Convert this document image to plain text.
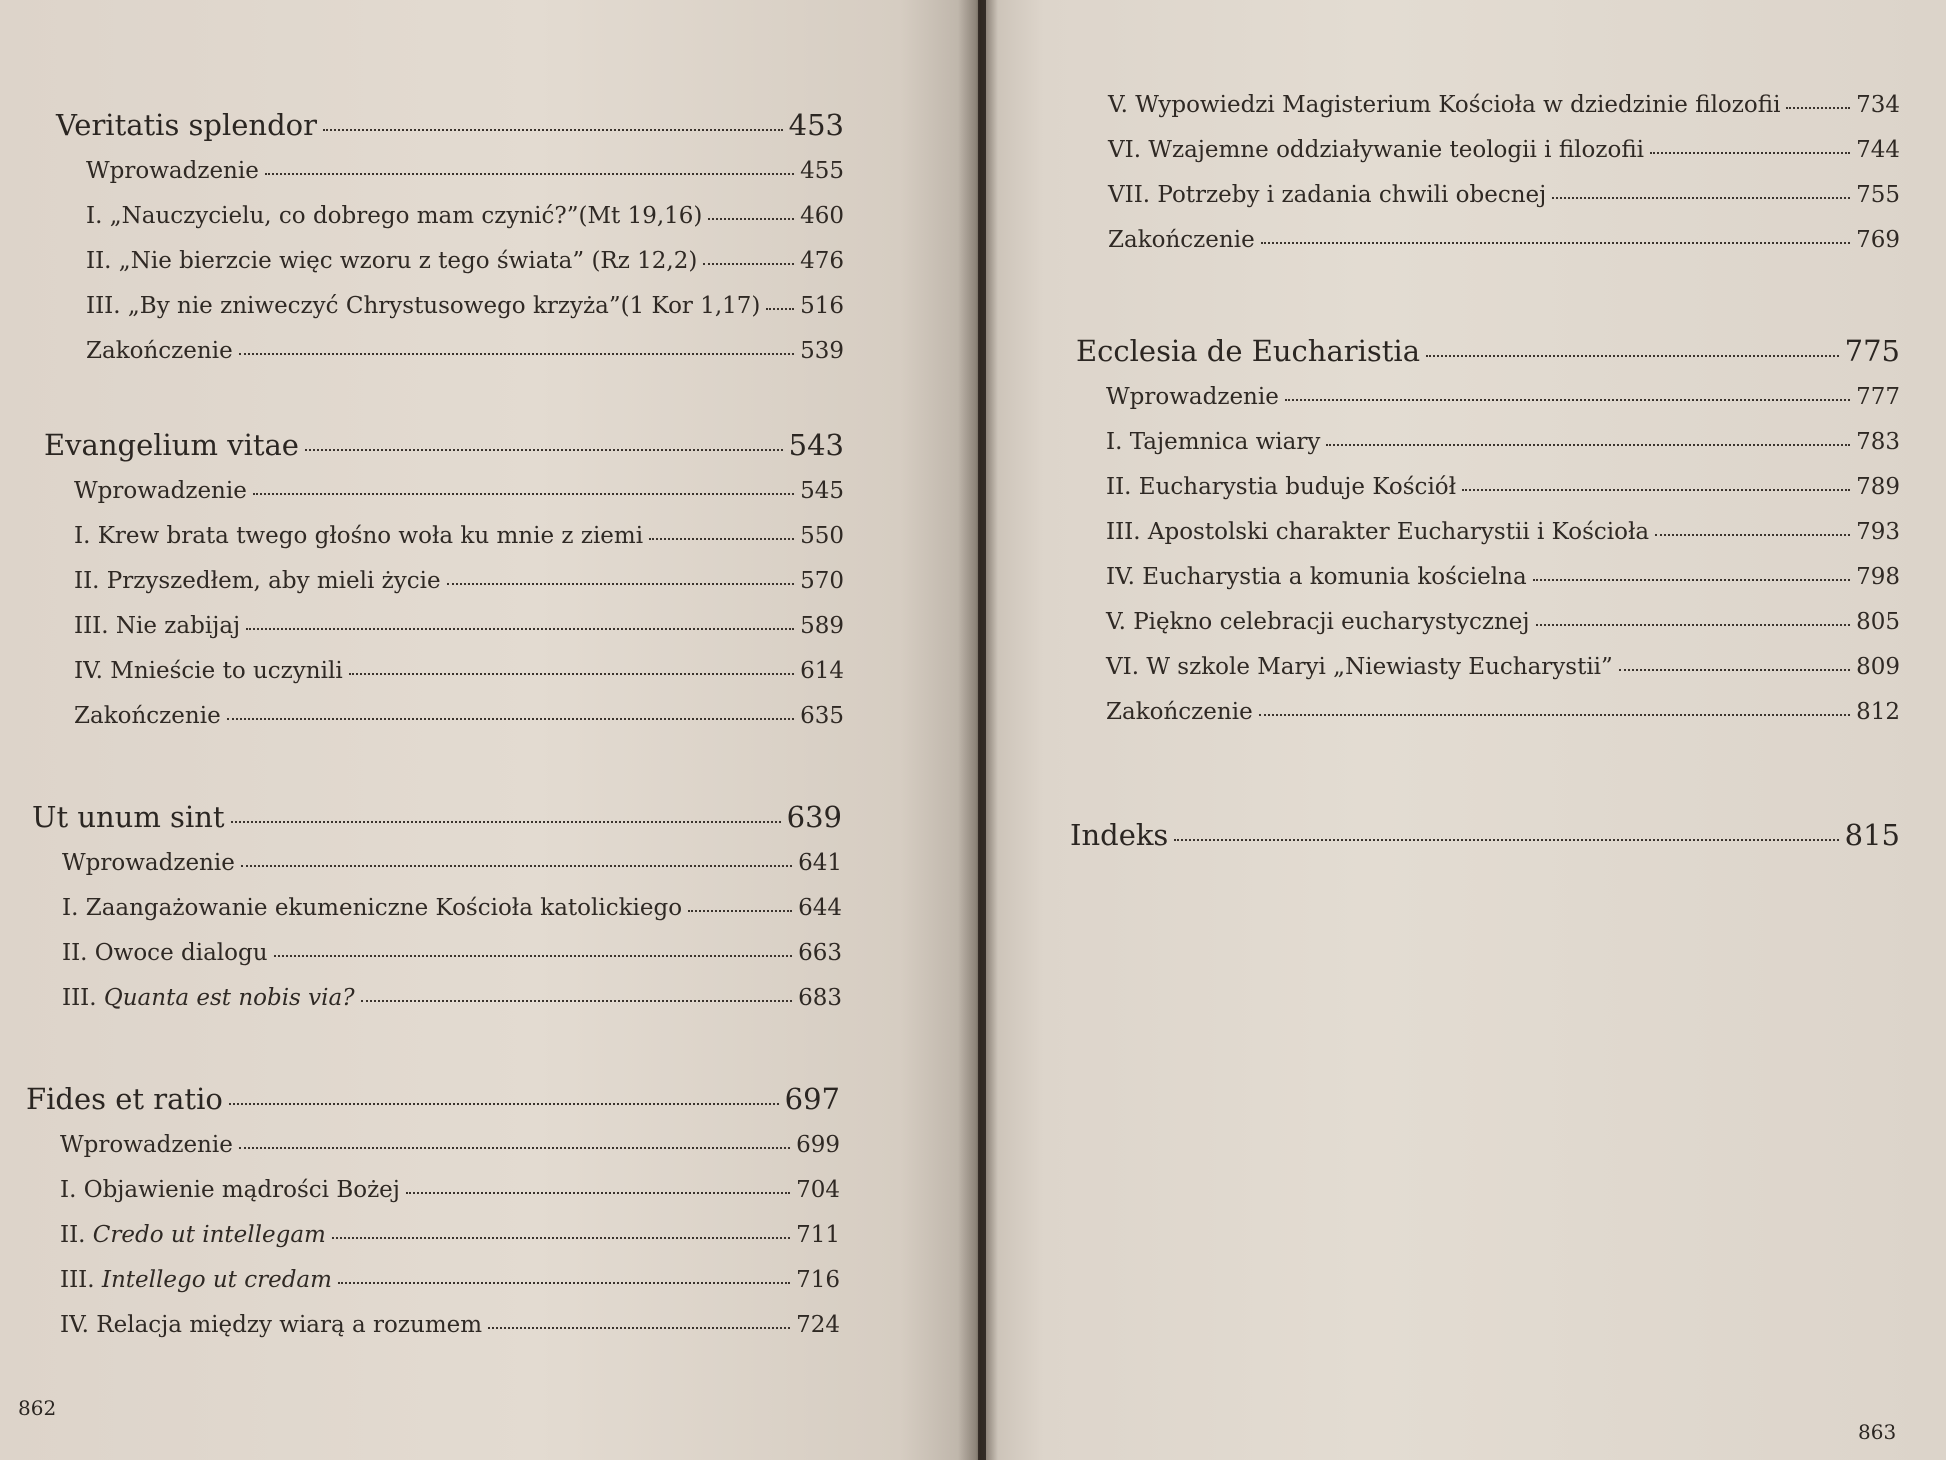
Veritatis splendor	453
Wprowadzenie	455
I. „Nauczycielu, co dobrego mam czynić?”(Mt 19,16)	460
II. „Nie bierzcie więc wzoru z tego świata” (Rz 12,2)	476
III. „By nie zniweczyć Chrystusowego krzyża”(1 Kor 1,17) 516
Zakończenie	539
Evangelium vitae	543
Wprowadzenie	545
I. Krew brata twego głośno woła ku mnie z ziemi	550
II. Przyszedłem, aby mieli życie	570
III. Nie zabijaj	589
IV. Mnieście to uczynili	614
Zakończenie	635
Ut unum sint	639
Wprowadzenie	641
I. Zaangażowanie ekumeniczne Kościoła katolickiego	644
II. Owoce dialogu	663
III. Quanta est nobis via?	683
Fides et ratio	697
Wprowadzenie	699
I. Objawienie mądrości Bożej	704
II. Credo ut intellegam	711
III. Intellego ut credam	716
IV. Relacja między wiarą a rozumem	724
862
V. Wypowiedzi Magisterium Kościoła w dziedzinie filozofii	734
VI. Wzajemne oddziaływanie teologii i filozofii	744
VII. Potrzeby i zadania chwili obecnej	755
Zakończenie	769
Ecclesia de Eucharistia	775
Wprowadzenie	777
I. Tajemnica wiary	783
II. Eucharystia buduje Kościół	789
III. Apostolski charakter Eucharystii i Kościoła	793
IV. Eucharystia a komunia kościelna	798
V. Piękno celebracji eucharystycznej	805
VI. W szkole Maryi „Niewiasty Eucharystii”	809
Zakończenie	812
Indeks	815
863
